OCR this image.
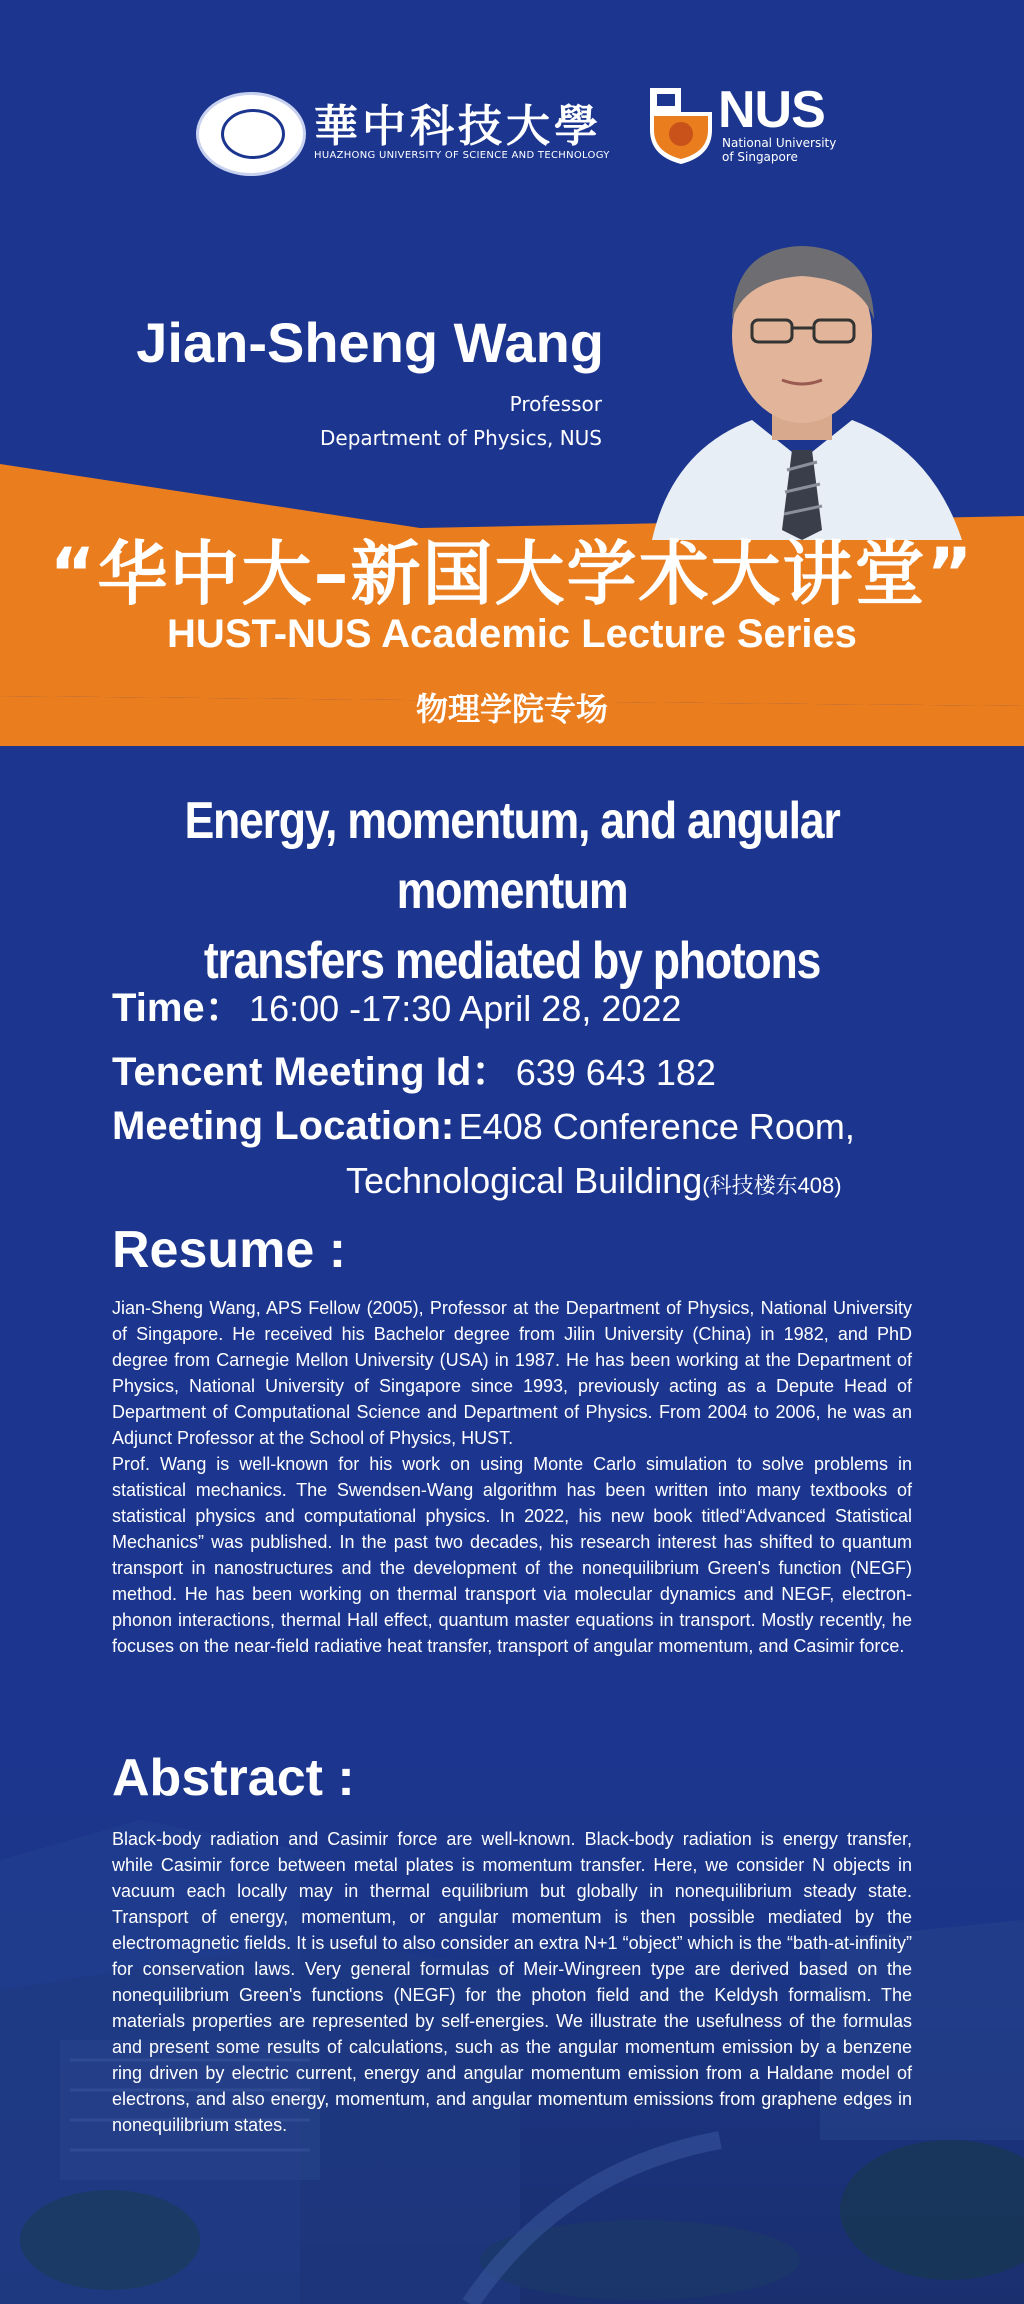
華中科技大學
HUAZHONG UNIVERSITY OF SCIENCE AND TECHNOLOGY
NUS
National University
of Singapore
Jian-Sheng Wang
Professor
Department of Physics, NUS
“华中大–新国大学术大讲堂”
HUST-NUS Academic Lecture Series
物理学院专场
Energy, momentum, and angular momentum
transfers mediated by photons
Time： 16:00 -17:30 April 28, 2022
Tencent Meeting Id： 639 643 182
Meeting Location: E408 Conference Room,
Technological Building(科技楼东408)
Resume :

Jian-Sheng Wang, APS Fellow (2005), Professor at the Department of Physics, National University of Singapore. He received his Bachelor degree from Jilin University (China) in 1982, and PhD degree from Carnegie Mellon University (USA) in 1987. He has been working at the Department of Physics, National University of Singapore since 1993, previously acting as a Depute Head of Department of Computational Science and Department of Physics. From 2004 to 2006, he was an Adjunct Professor at the School of Physics, HUST.

Prof. Wang is well-known for his work on using Monte Carlo simulation to solve problems in statistical mechanics. The Swendsen-Wang algorithm has been written into many textbooks of statistical physics and computational physics. In 2022, his new book titled“Advanced Statistical Mechanics” was published. In the past two decades, his research interest has shifted to quantum transport in nanostructures and the development of the nonequilibrium Green's function (NEGF) method. He has been working on thermal transport via molecular dynamics and NEGF, electron-phonon interactions, thermal Hall effect, quantum master equations in transport. Mostly recently, he focuses on the near-field radiative heat transfer, transport of angular momentum, and Casimir force.

Abstract :

Black-body radiation and Casimir force are well-known. Black-body radiation is energy transfer, while Casimir force between metal plates is momentum transfer. Here, we consider N objects in vacuum each locally may in thermal equilibrium but globally in nonequilibrium steady state. Transport of energy, momentum, or angular momentum is then possible mediated by the electromagnetic fields. It is useful to also consider an extra N+1 “object” which is the “bath-at-infinity” for conservation laws. Very general formulas of Meir-Wingreen type are derived based on the nonequilibrium Green's functions (NEGF) for the photon field and the Keldysh formalism. The materials properties are represented by self-energies. We illustrate the usefulness of the formulas and present some results of calculations, such as the angular momentum emission by a benzene ring driven by electric current, energy and angular momentum emission from a Haldane model of electrons, and also energy, momentum, and angular momentum emissions from graphene edges in nonequilibrium states.
